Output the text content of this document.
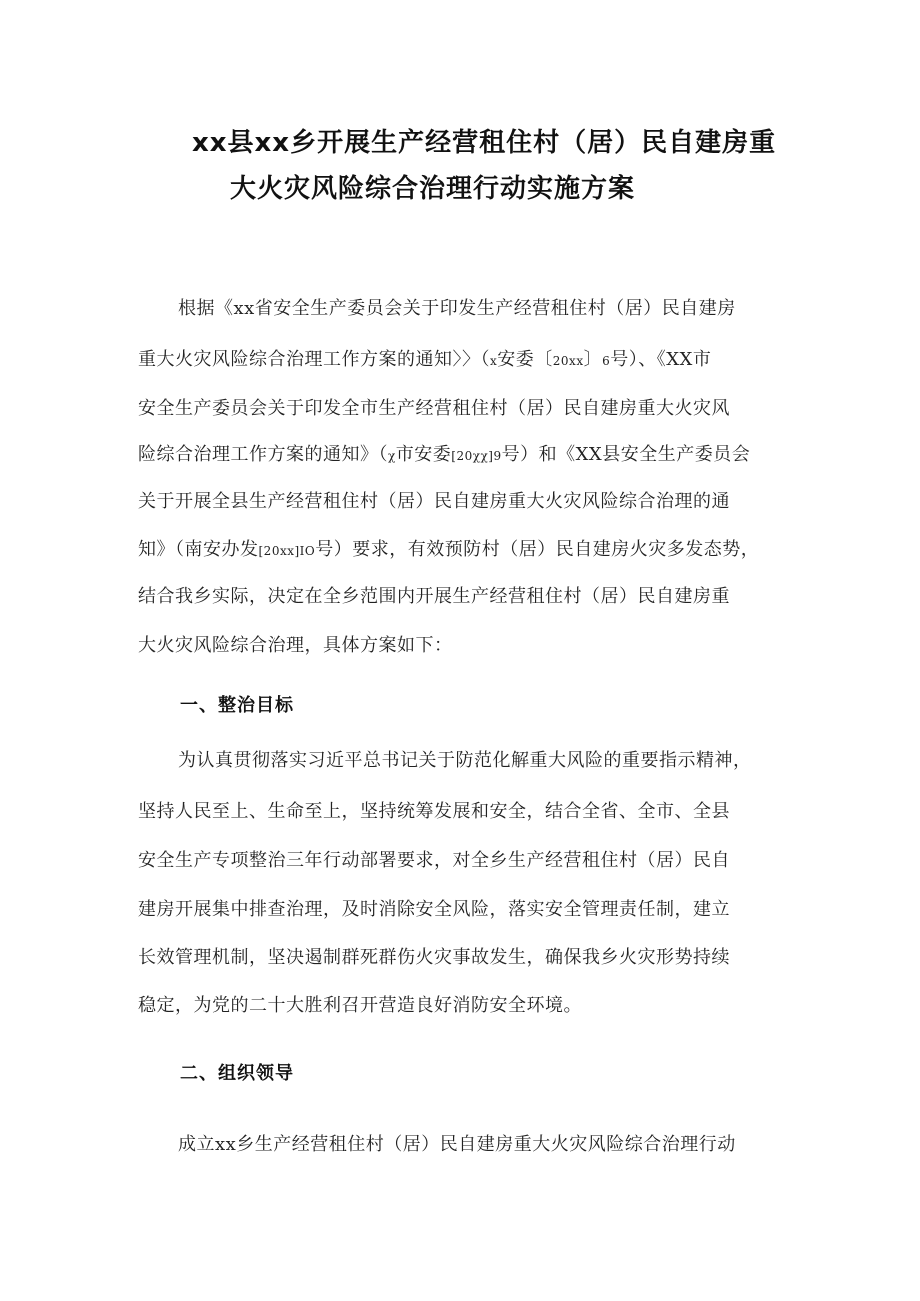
xx县xx乡开展生产经营租住村（居）民自建房重
大火灾风险综合治理行动实施方案
根据《xx省安全生产委员会关于印发生产经营租住村（居）民自建房
重大火灾风险综合治理工作方案的通知〉〉（x安委〔20xx〕6号）、《XX市
安全生产委员会关于印发全市生产经营租住村（居）民自建房重大火灾风
险综合治理工作方案的通知》（χ市安委[20χχ]9号）和《XX县安全生产委员会
关于开展全县生产经营租住村（居）民自建房重大火灾风险综合治理的通
知》（南安办发[20xx]IO号）要求，有效预防村（居）民自建房火灾多发态势，
结合我乡实际，决定在全乡范围内开展生产经营租住村（居）民自建房重
大火灾风险综合治理，具体方案如下：
一、整治目标
为认真贯彻落实习近平总书记关于防范化解重大风险的重要指示精神，
坚持人民至上、生命至上，坚持统筹发展和安全，结合全省、全市、全县
安全生产专项整治三年行动部署要求，对全乡生产经营租住村（居）民自
建房开展集中排查治理，及时消除安全风险，落实安全管理责任制，建立
长效管理机制，坚决遏制群死群伤火灾事故发生，确保我乡火灾形势持续
稳定，为党的二十大胜利召开营造良好消防安全环境。
二、组织领导
成立xx乡生产经营租住村（居）民自建房重大火灾风险综合治理行动
